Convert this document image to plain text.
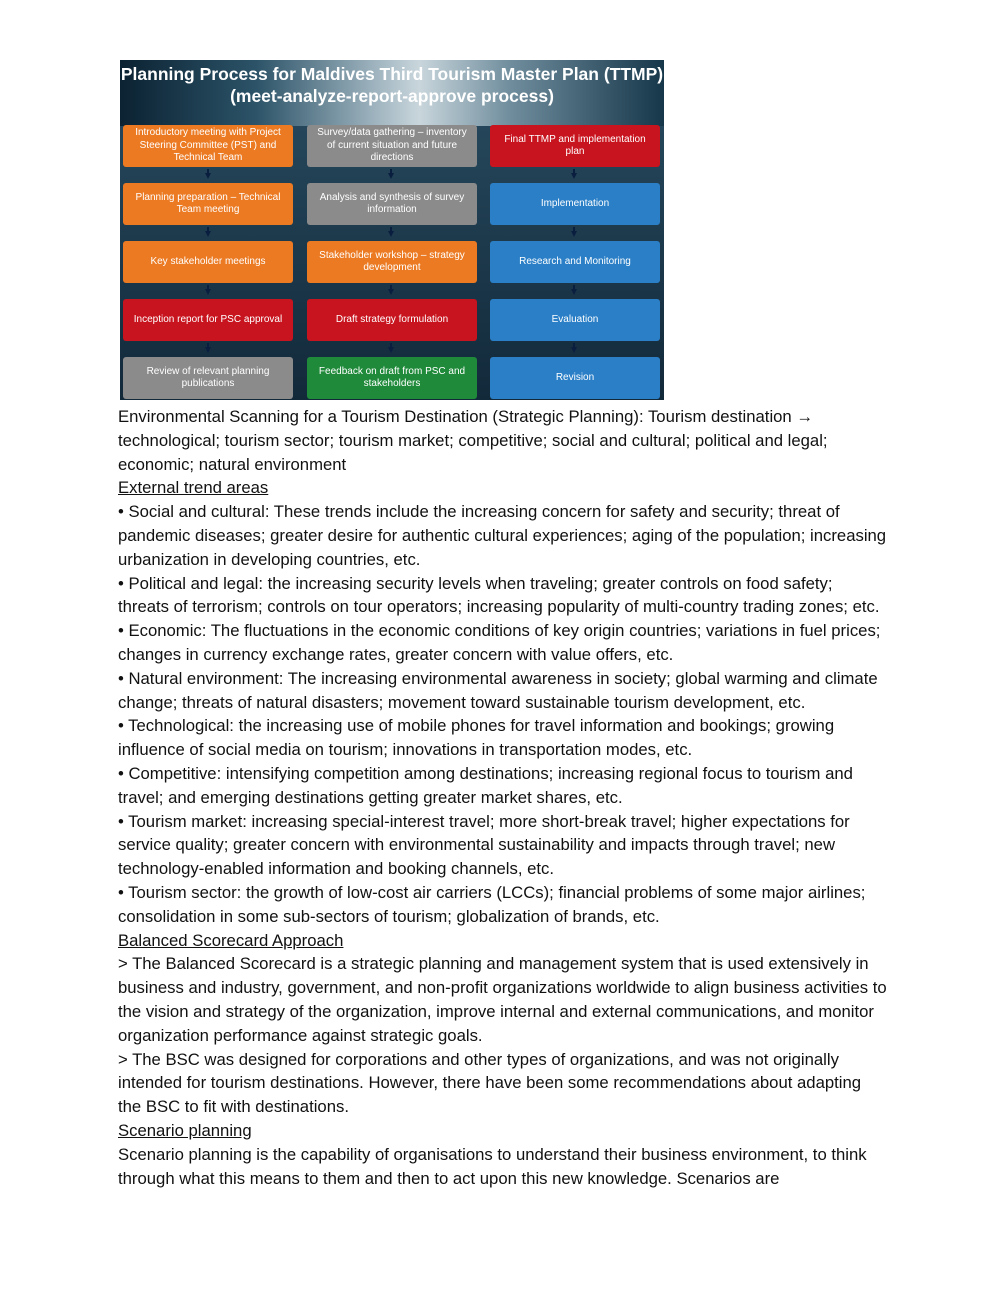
Planning Process for Maldives Third Tourism Master Plan (TTMP) (meet-analyze-report-approve process)
Introductory meeting with Project Steering Committee (PST) and Technical Team
Planning preparation – Technical Team meeting
Key stakeholder meetings
Inception report for PSC approval
Review of relevant planning publications
Survey/data gathering – inventory of current situation and future directions
Analysis and synthesis of survey information
Stakeholder workshop – strategy development
Draft strategy formulation
Feedback on draft from PSC and stakeholders
Final TTMP and implementation plan
Implementation
Research and Monitoring
Evaluation
Revision

Environmental Scanning for a Tourism Destination (Strategic Planning): Tourism destination → technological; tourism sector; tourism market; competitive; social and cultural; political and legal; economic; natural environment

External trend areas

• Social and cultural: These trends include the increasing concern for safety and security; threat of pandemic diseases; greater desire for authentic cultural experiences; aging of the population; increasing urbanization in developing countries, etc.

• Political and legal: the increasing security levels when traveling; greater controls on food safety; threats of terrorism; controls on tour operators; increasing popularity of multi-country trading zones; etc.

• Economic: The fluctuations in the economic conditions of key origin countries; variations in fuel prices; changes in currency exchange rates, greater concern with value offers, etc.

• Natural environment: The increasing environmental awareness in society; global warming and climate change; threats of natural disasters; movement toward sustainable tourism development, etc.

• Technological: the increasing use of mobile phones for travel information and bookings; growing influence of social media on tourism; innovations in transportation modes, etc.

• Competitive: intensifying competition among destinations; increasing regional focus to tourism and travel; and emerging destinations getting greater market shares, etc.

• Tourism market: increasing special-interest travel; more short-break travel; higher expectations for service quality; greater concern with environmental sustainability and impacts through travel; new technology-enabled information and booking channels, etc.

• Tourism sector: the growth of low-cost air carriers (LCCs); financial problems of some major airlines; consolidation in some sub-sectors of tourism; globalization of brands, etc.

Balanced Scorecard Approach

> The Balanced Scorecard is a strategic planning and management system that is used extensively in business and industry, government, and non-profit organizations worldwide to align business activities to the vision and strategy of the organization, improve internal and external communications, and monitor organization performance against strategic goals.

> The BSC was designed for corporations and other types of organizations, and was not originally intended for tourism destinations. However, there have been some recommendations about adapting the BSC to fit with destinations.

Scenario planning

Scenario planning is the capability of organisations to understand their business environment, to think through what this means to them and then to act upon this new knowledge. Scenarios are
